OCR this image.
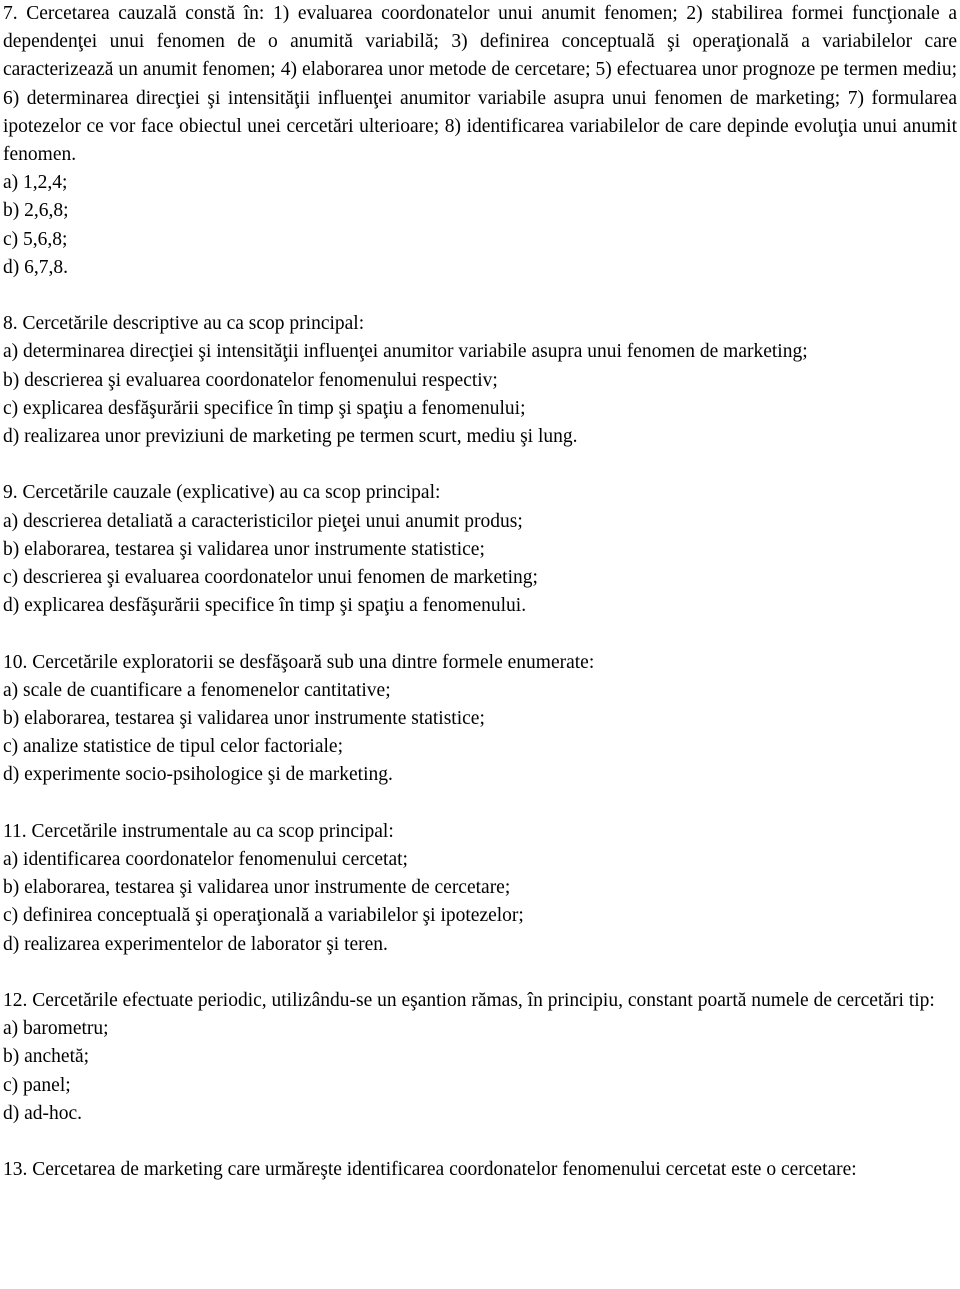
7. Cercetarea cauzală constă în: 1) evaluarea coordonatelor unui anumit fenomen; 2) stabilirea formei funcţionale a dependenţei unui fenomen de o anumită variabilă; 3) definirea conceptuală şi operaţională a variabilelor care caracterizează un anumit fenomen; 4) elaborarea unor metode de cercetare; 5) efectuarea unor prognoze pe termen mediu; 6) determinarea direcţiei şi intensităţii influenţei anumitor variabile asupra unui fenomen de marketing; 7) formularea ipotezelor ce vor face obiectul unei cercetări ulterioare; 8) identificarea variabilelor de care depinde evoluţia unui anumit fenomen.

a) 1,2,4;

b) 2,6,8;

c) 5,6,8;

d) 6,7,8.

8. Cercetările descriptive au ca scop principal:

a) determinarea direcţiei şi intensităţii influenţei anumitor variabile asupra unui fenomen de marketing;

b) descrierea şi evaluarea coordonatelor fenomenului respectiv;

c) explicarea desfăşurării specifice în timp şi spaţiu a fenomenului;

d) realizarea unor previziuni de marketing pe termen scurt, mediu şi lung.

9. Cercetările cauzale (explicative) au ca scop principal:

a) descrierea detaliată a caracteristicilor pieţei unui anumit produs;

b) elaborarea, testarea şi validarea unor instrumente statistice;

c) descrierea şi evaluarea coordonatelor unui fenomen de marketing;

d) explicarea desfăşurării specifice în timp şi spaţiu a fenomenului.

10. Cercetările exploratorii se desfăşoară sub una dintre formele enumerate:

a) scale de cuantificare a fenomenelor cantitative;

b) elaborarea, testarea şi validarea unor instrumente statistice;

c) analize statistice de tipul celor factoriale;

d) experimente socio-psihologice şi de marketing.

11. Cercetările instrumentale au ca scop principal:

a) identificarea coordonatelor fenomenului cercetat;

b) elaborarea, testarea şi validarea unor instrumente de cercetare;

c) definirea conceptuală şi operaţională a variabilelor şi ipotezelor;

d) realizarea experimentelor de laborator şi teren.

12. Cercetările efectuate periodic, utilizându-se un eşantion rămas, în principiu, constant poartă numele de cercetări tip:

a) barometru;

b) anchetă;

c) panel;

d) ad-hoc.

13. Cercetarea de marketing care urmăreşte identificarea coordonatelor fenomenului cercetat este o cercetare:
